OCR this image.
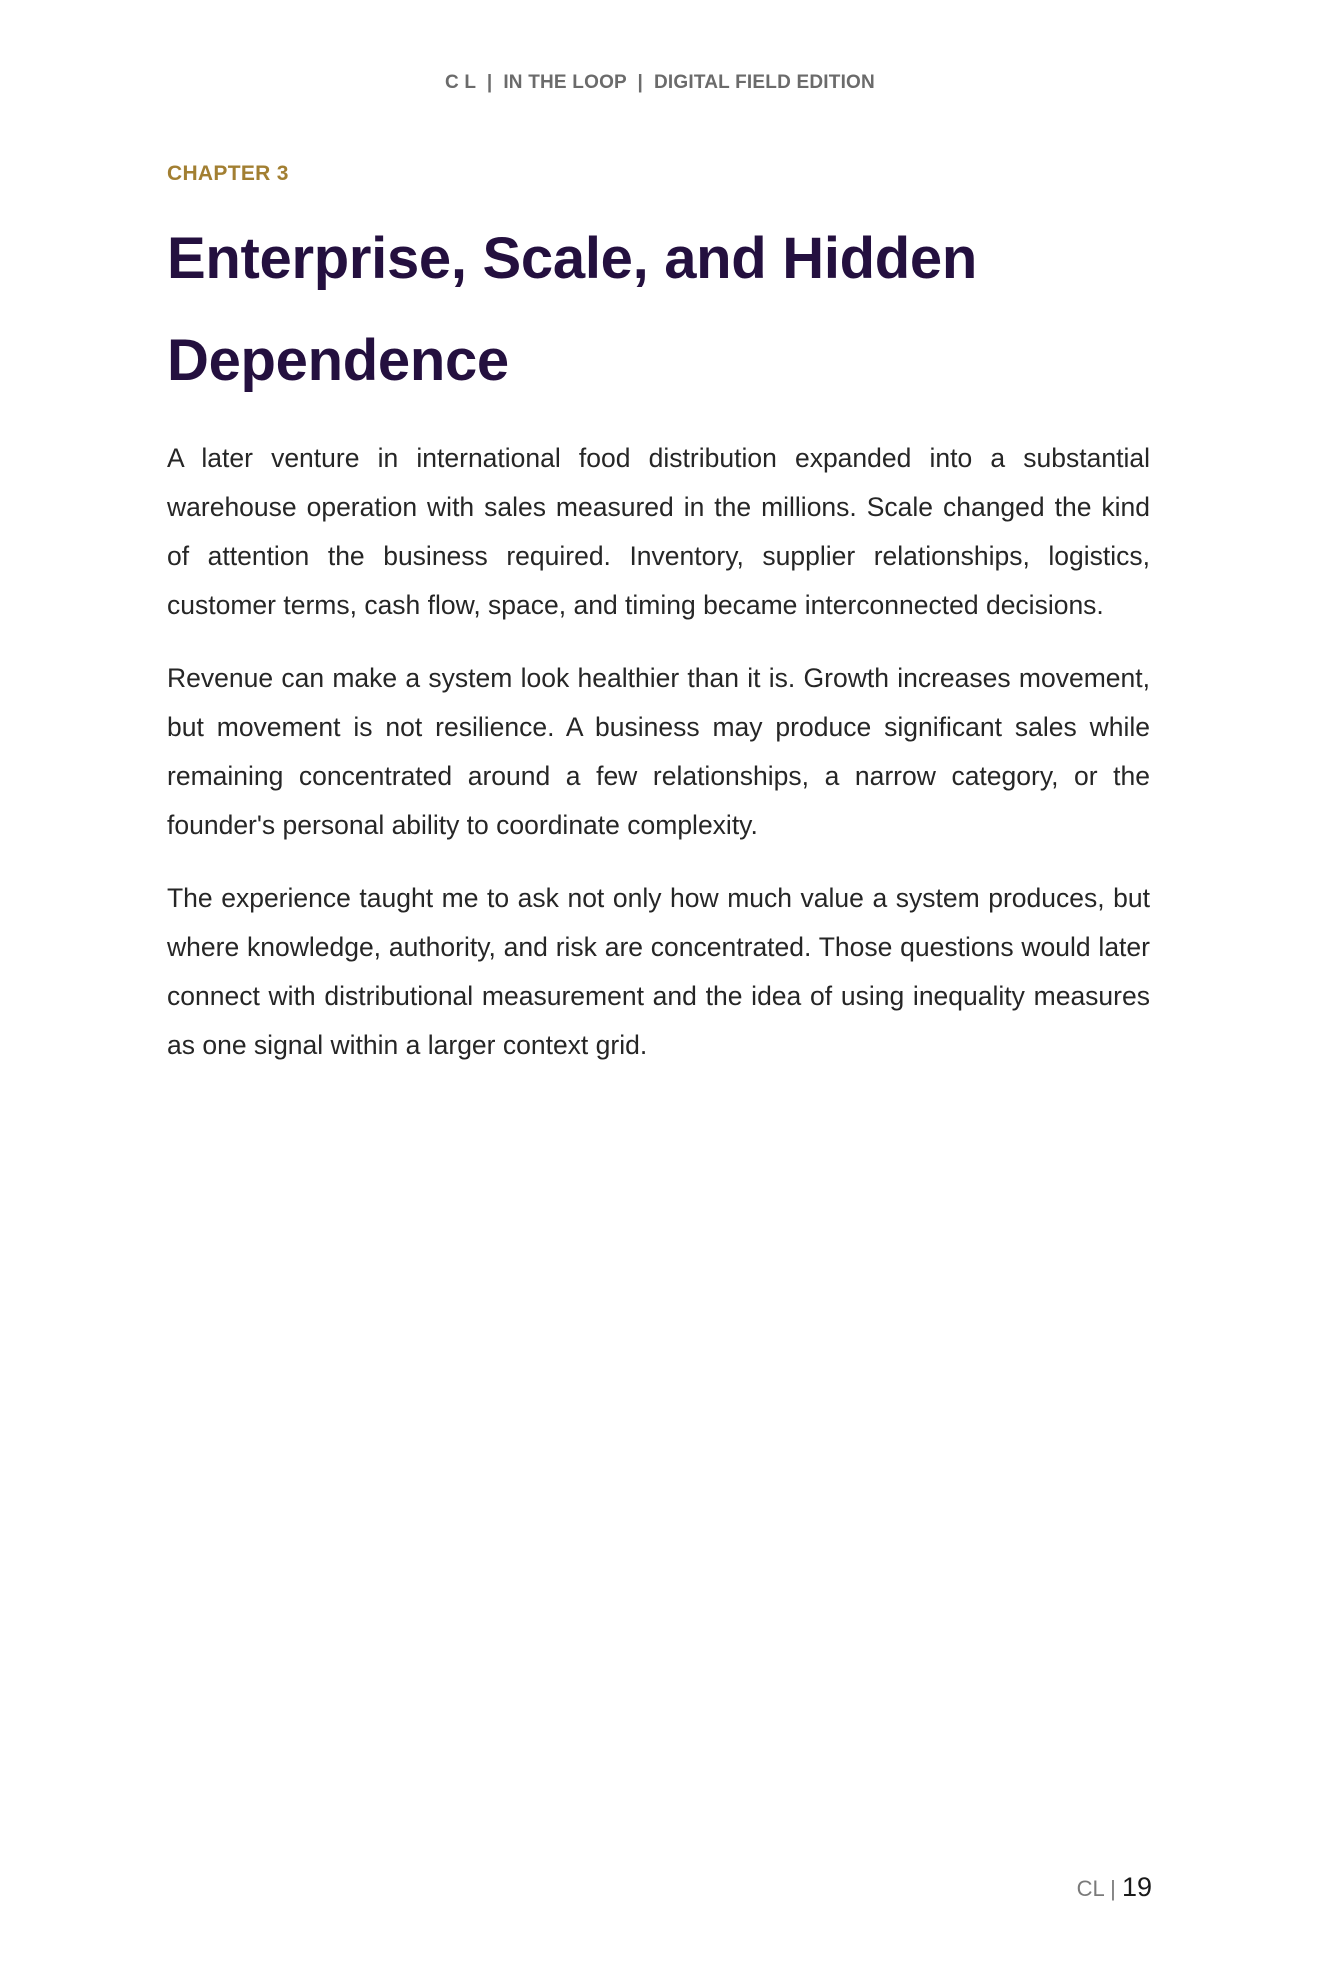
C L  |  IN THE LOOP  |  DIGITAL FIELD EDITION
CHAPTER 3
Enterprise, Scale, and Hidden Dependence

A later venture in international food distribution expanded into a substantial warehouse operation with sales measured in the millions. Scale changed the kind of attention the business required. Inventory, supplier relationships, logistics, customer terms, cash flow, space, and timing became interconnected decisions.

Revenue can make a system look healthier than it is. Growth increases movement, but movement is not resilience. A business may produce significant sales while remaining concentrated around a few relationships, a narrow category, or the founder's personal ability to coordinate complexity.

The experience taught me to ask not only how much value a system produces, but where knowledge, authority, and risk are concentrated. Those questions would later connect with distributional measurement and the idea of using inequality measures as one signal within a larger context grid.

CL | 19
